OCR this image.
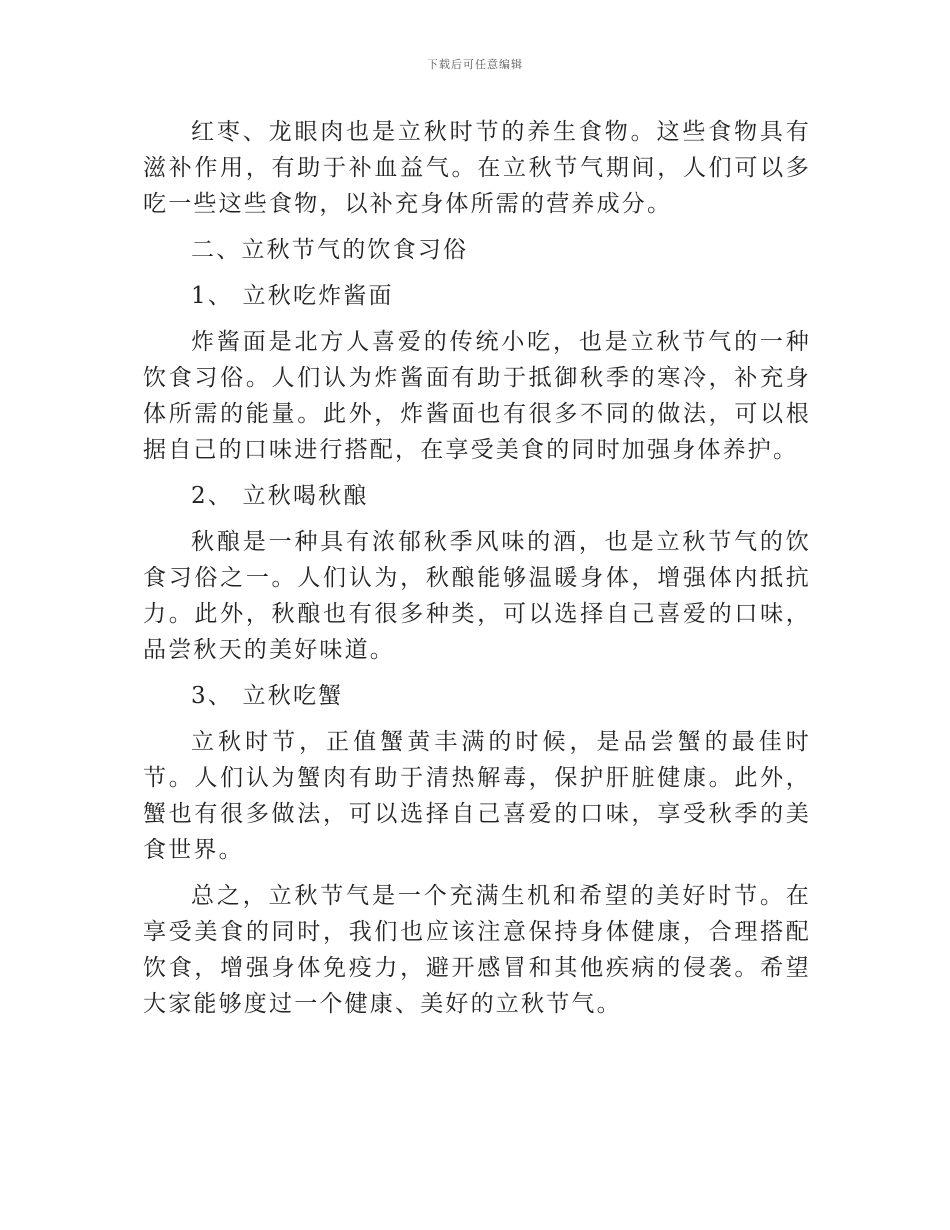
下载后可任意编辑

红枣、龙眼肉也是立秋时节的养生食物。这些食物具有滋补作用，有助于补血益气。在立秋节气期间，人们可以多吃一些这些食物，以补充身体所需的营养成分。

二、立秋节气的饮食习俗

1、 立秋吃炸酱面

炸酱面是北方人喜爱的传统小吃，也是立秋节气的一种饮食习俗。人们认为炸酱面有助于抵御秋季的寒冷，补充身体所需的能量。此外，炸酱面也有很多不同的做法，可以根据自己的口味进行搭配，在享受美食的同时加强身体养护。

2、 立秋喝秋酿

秋酿是一种具有浓郁秋季风味的酒，也是立秋节气的饮食习俗之一。人们认为，秋酿能够温暖身体，增强体内抵抗力。此外，秋酿也有很多种类，可以选择自己喜爱的口味，品尝秋天的美好味道。

3、 立秋吃蟹

立秋时节，正值蟹黄丰满的时候，是品尝蟹的最佳时节。人们认为蟹肉有助于清热解毒，保护肝脏健康。此外，蟹也有很多做法，可以选择自己喜爱的口味，享受秋季的美食世界。

总之，立秋节气是一个充满生机和希望的美好时节。在享受美食的同时，我们也应该注意保持身体健康，合理搭配饮食，增强身体免疫力，避开感冒和其他疾病的侵袭。希望大家能够度过一个健康、美好的立秋节气。
